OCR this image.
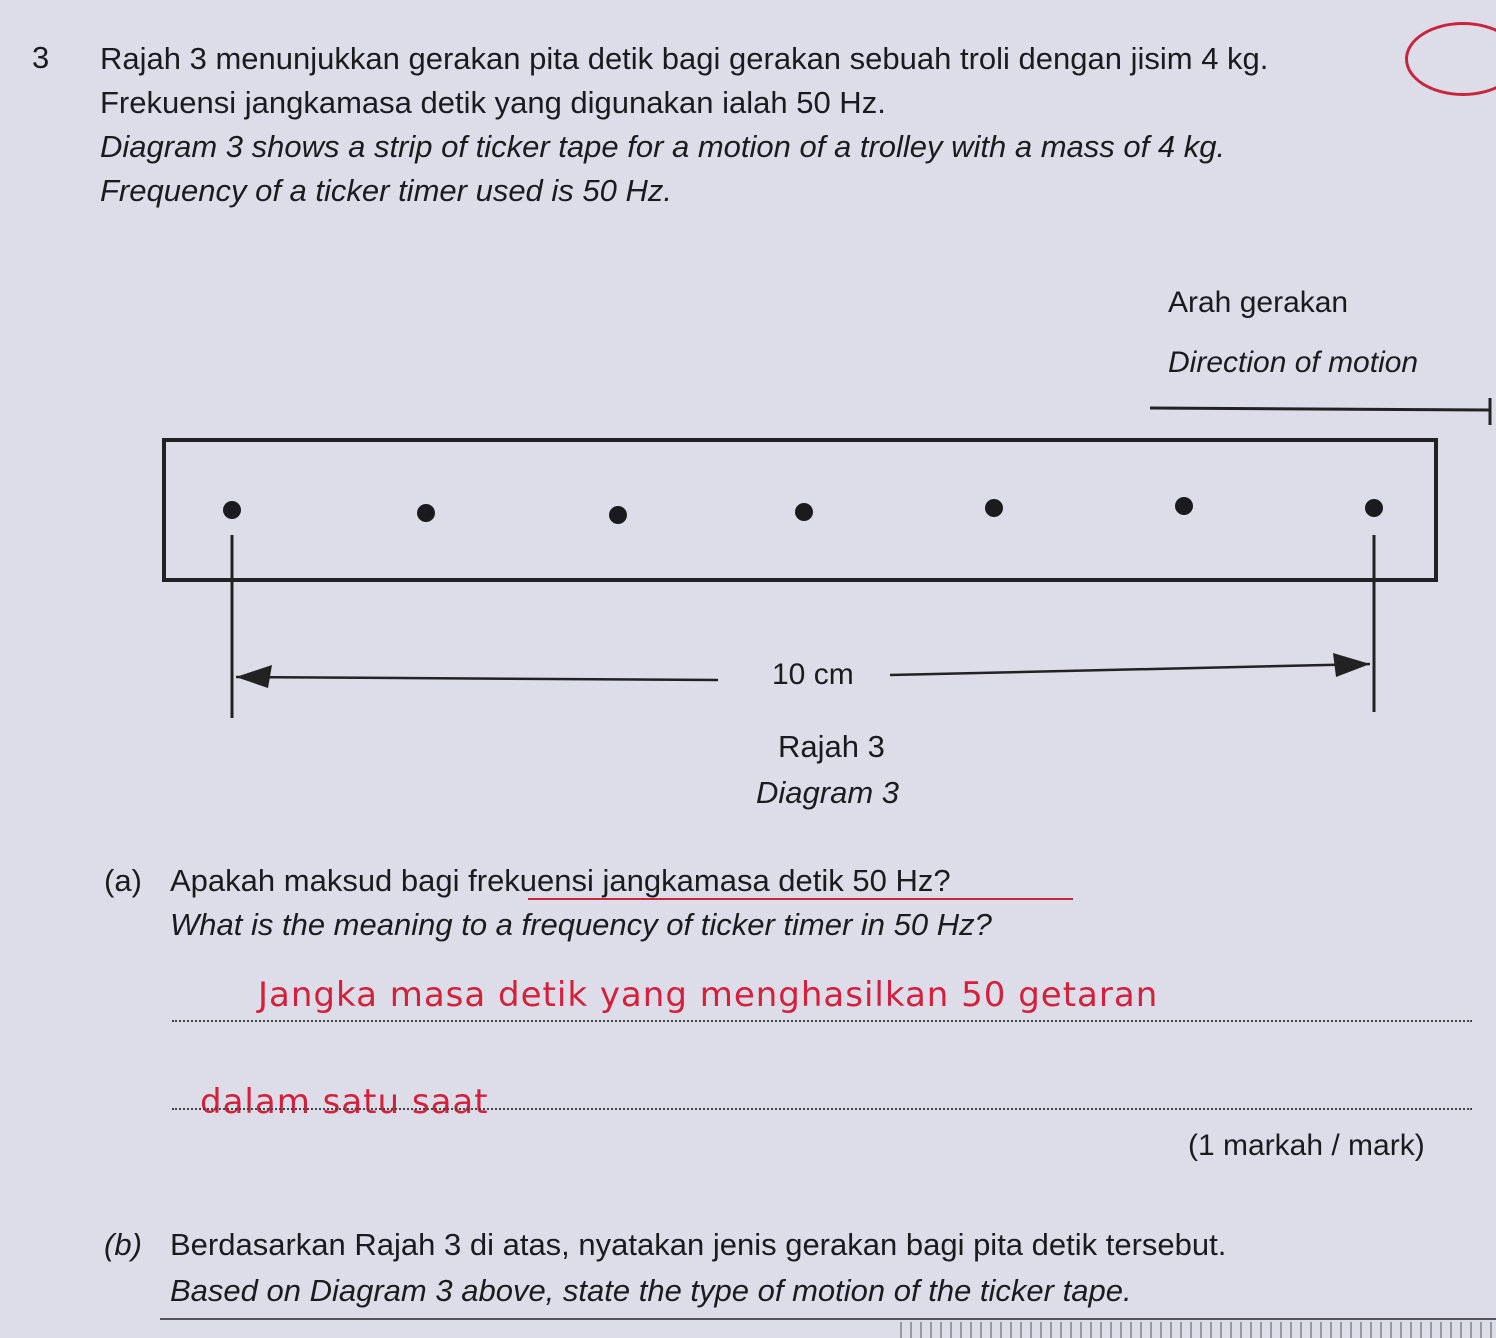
3 Rajah 3 menunjukkan gerakan pita detik bagi gerakan sebuah troli dengan jisim 4 kg.
Frekuensi jangkamasa detik yang digunakan ialah 50 Hz.
Diagram 3 shows a strip of ticker tape for a motion of a trolley with a mass of 4 kg.
Frequency of a ticker timer used is 50 Hz.
Arah gerakan
Direction of motion
10 cm
Rajah 3
Diagram 3
(a) Apakah maksud bagi frekuensi jangkamasa detik 50 Hz?
What is the meaning to a frequency of ticker timer in 50 Hz?
Jangka masa detik yang menghasilkan 50 getaran
dalam satu saat
(1 markah / mark)
(b) Berdasarkan Rajah 3 di atas, nyatakan jenis gerakan bagi pita detik tersebut.
Based on Diagram 3 above, state the type of motion of the ticker tape.
